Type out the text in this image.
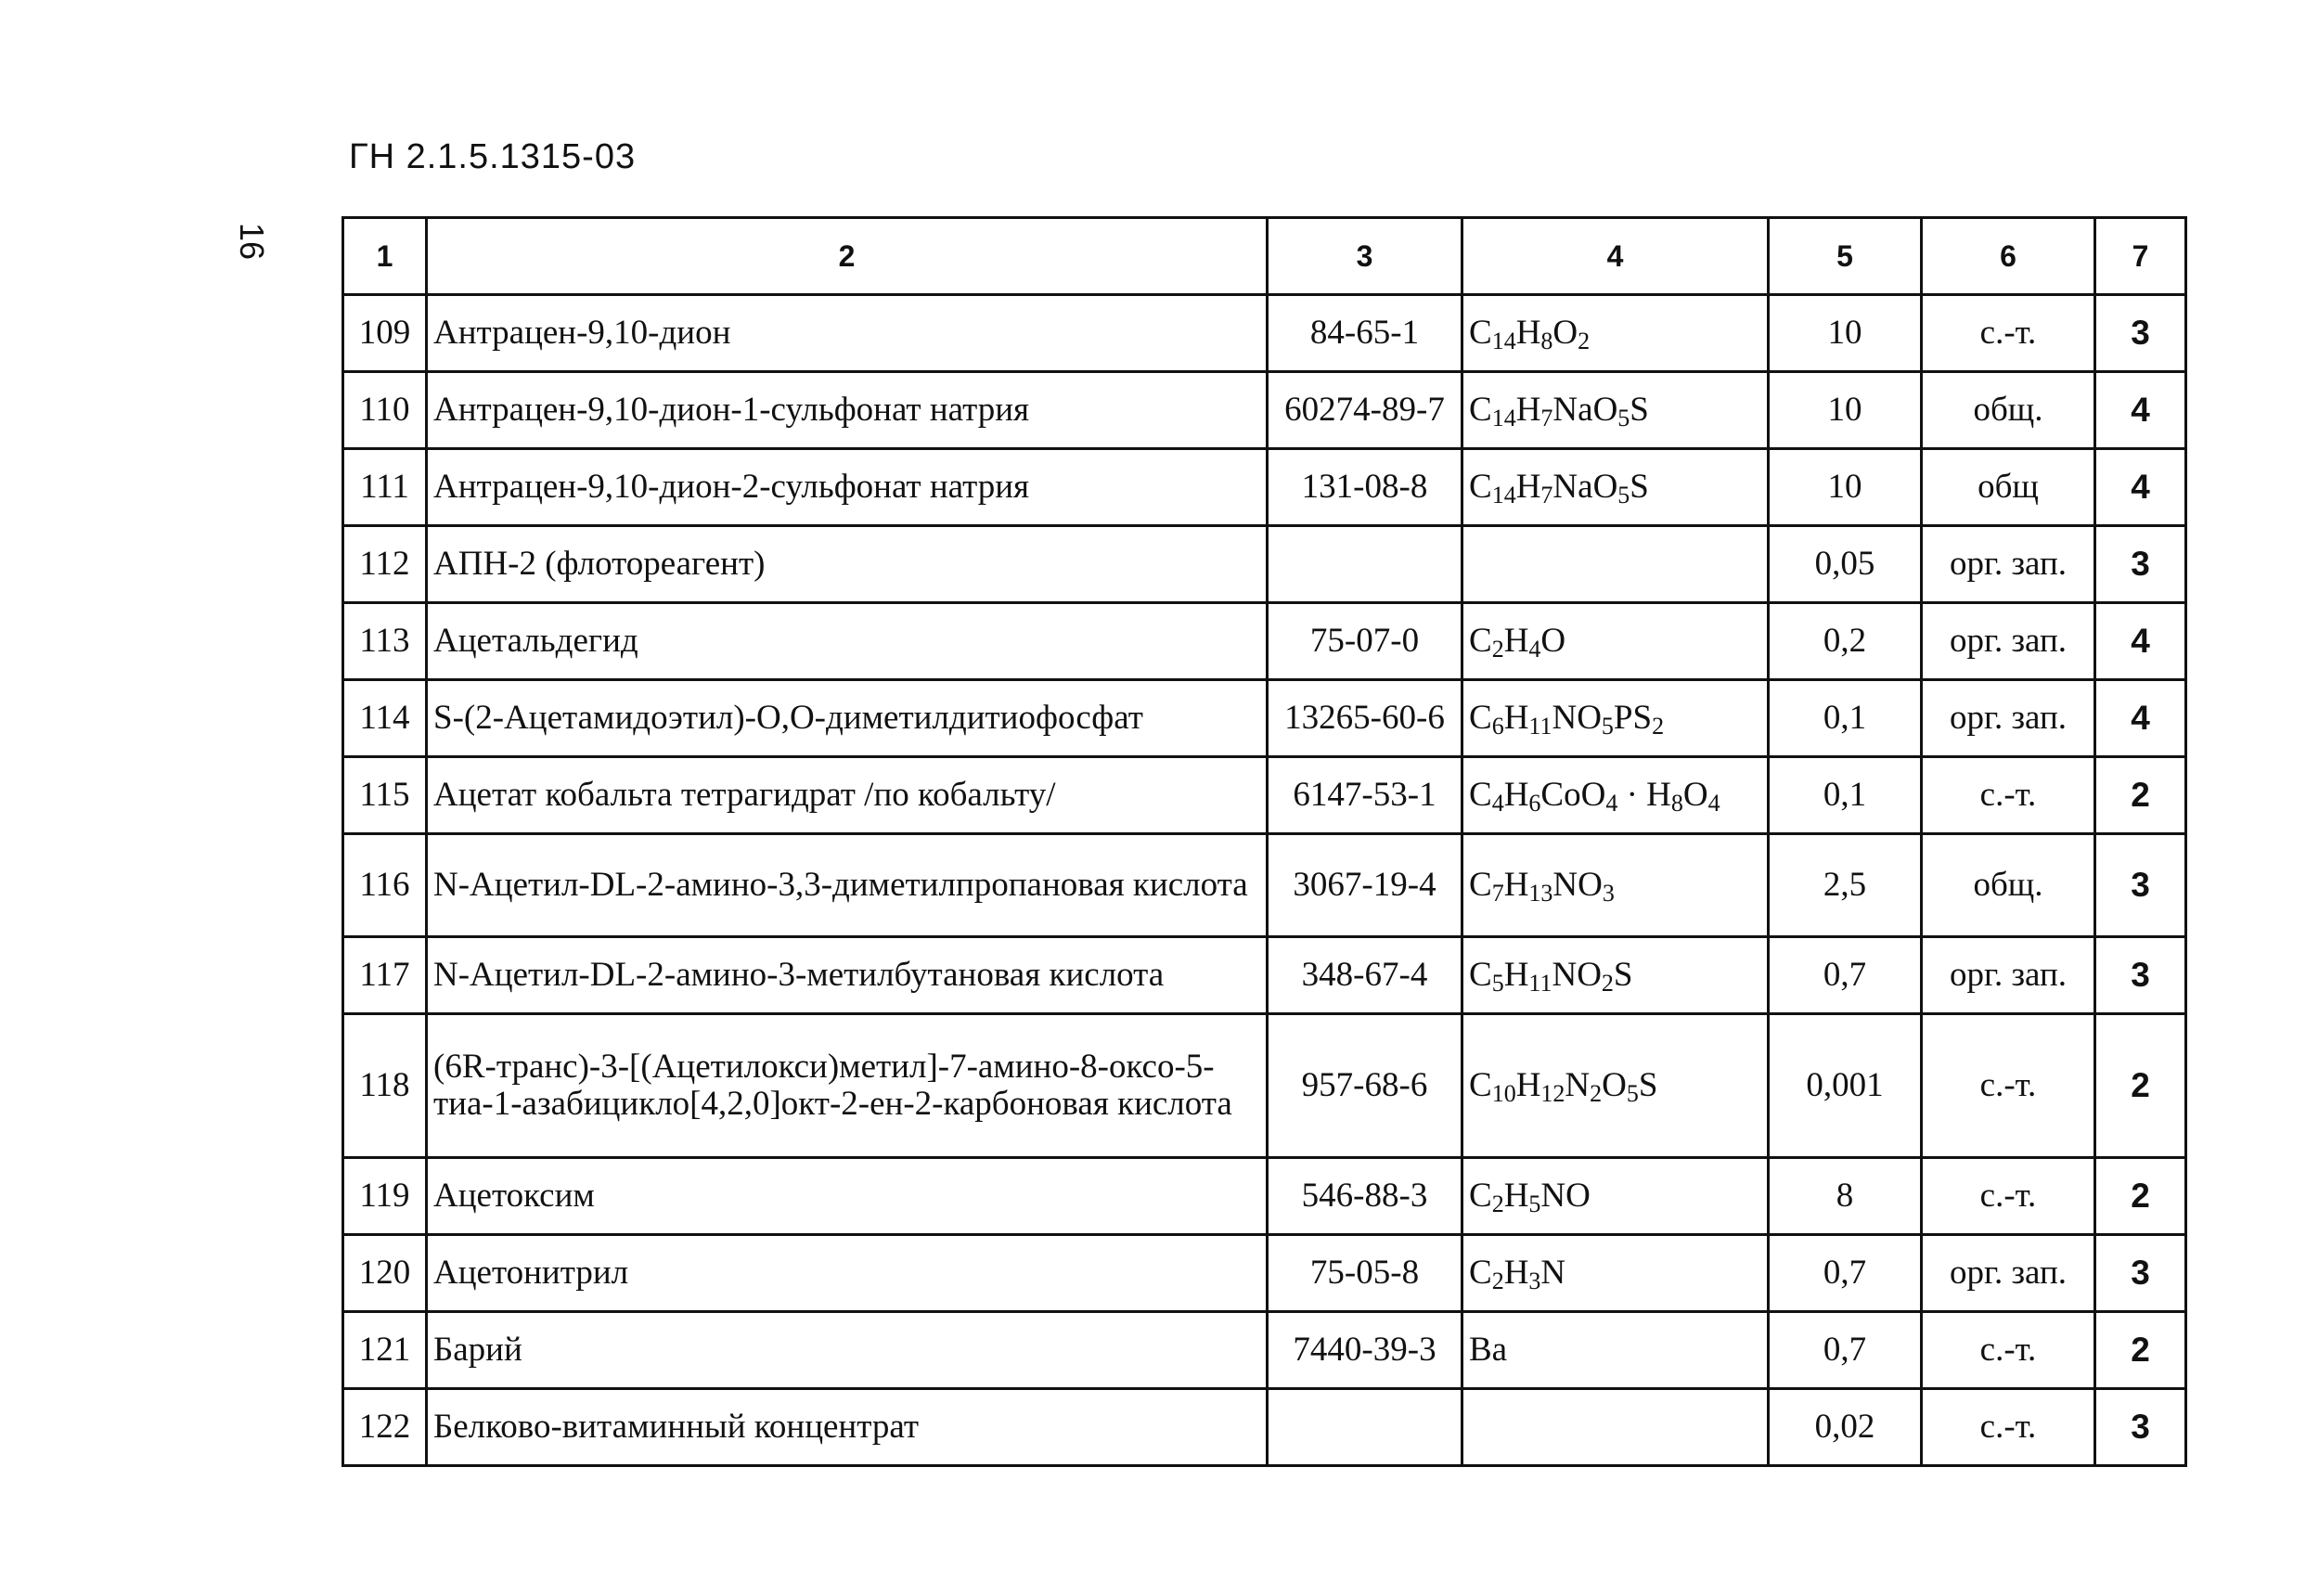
ГН 2.1.5.1315-03
16	1	2	3	4	5	6	7
109	Антрацен-9,10-дион	84-65-1	$C_{14}H_8O_2$	10	с.-т.	3
110	Антрацен-9,10-дион-1-сульфонат натрия	60274-89-7	$C_{14}H_7NaO_5S$	10	общ.	4
111	Антрацен-9,10-дион-2-сульфонат натрия	131-08-8	$C_{14}H_7NaO_5S$	10	общ	4
112	АПН-2 (флотореагент)			0,05	орг. зап.	3
113	Ацетальдегид	75-07-0	$C_2H_4O$	0,2	орг. зап.	4
114	S-(2-Ацетамидоэтил)-O,O-диметилдитиофосфат	13265-60-6	$C_6H_{11}NO_5PS_2$	0,1	орг. зап.	4
115	Ацетат кобальта тетрагидрат /по кобальту/	6147-53-1	$C_4H_6CoO_4 \cdot H_8O_4$	0,1	с.-т.	2
116	N-Ацетил-DL-2-амино-3,3-диметилпропановая кислота	3067-19-4	$C_7H_{13}NO_3$	2,5	общ.	3
117	N-Ацетил-DL-2-амино-3-метилбутановая кислота	348-67-4	$C_5H_{11}NO_2S$	0,7	орг. зап.	3
118	(6R-транс)-3-[(Ацетилокси)метил]-7-амино-8-оксо-5-тиа-1-азабицикло[4,2,0]окт-2-ен-2-карбоновая кислота	957-68-6	$C_{10}H_{12}N_2O_5S$	0,001	с.-т.	2
119	Ацетоксим	546-88-3	$C_2H_5NO$	8	с.-т.	2
120	Ацетонитрил	75-05-8	$C_2H_3N$	0,7	орг. зап.	3
121	Барий	7440-39-3	Ba	0,7	с.-т.	2
122	Белково-витаминный концентрат			0,02	с.-т.	3
